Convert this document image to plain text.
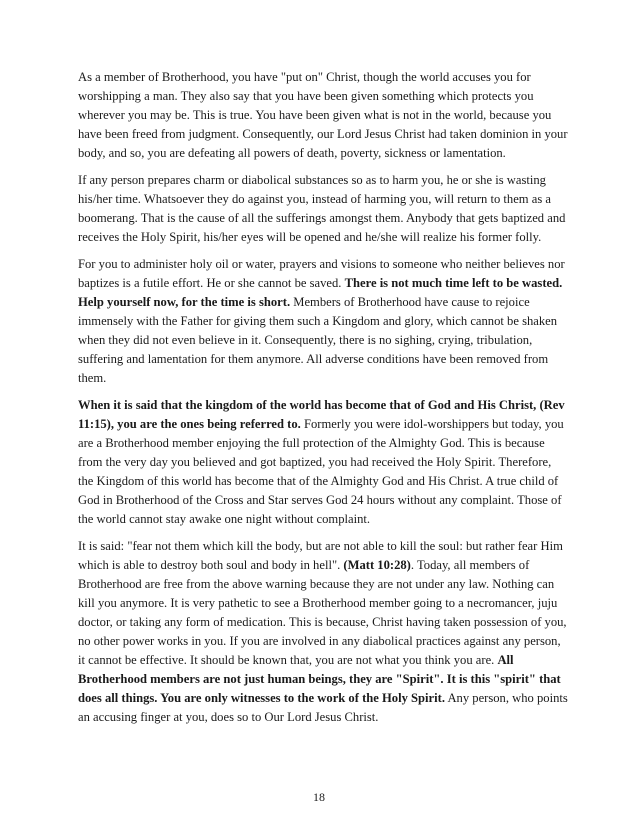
As a member of Brotherhood, you have "put on" Christ, though the world accuses you for worshipping a man. They also say that you have been given something which protects you wherever you may be. This is true. You have been given what is not in the world, because you have been freed from judgment. Consequently, our Lord Jesus Christ had taken dominion in your body, and so, you are defeating all powers of death, poverty, sickness or lamentation.

If any person prepares charm or diabolical substances so as to harm you, he or she is wasting his/her time. Whatsoever they do against you, instead of harming you, will return to them as a boomerang. That is the cause of all the sufferings amongst them. Anybody that gets baptized and receives the Holy Spirit, his/her eyes will be opened and he/she will realize his former folly.

For you to administer holy oil or water, prayers and visions to someone who neither believes nor baptizes is a futile effort. He or she cannot be saved. There is not much time left to be wasted. Help yourself now, for the time is short. Members of Brotherhood have cause to rejoice immensely with the Father for giving them such a Kingdom and glory, which cannot be shaken when they did not even believe in it. Consequently, there is no sighing, crying, tribulation, suffering and lamentation for them anymore. All adverse conditions have been removed from them.

When it is said that the kingdom of the world has become that of God and His Christ, (Rev 11:15), you are the ones being referred to. Formerly you were idol-worshippers but today, you are a Brotherhood member enjoying the full protection of the Almighty God. This is because from the very day you believed and got baptized, you had received the Holy Spirit. Therefore, the Kingdom of this world has become that of the Almighty God and His Christ. A true child of God in Brotherhood of the Cross and Star serves God 24 hours without any complaint. Those of the world cannot stay awake one night without complaint.

It is said: "fear not them which kill the body, but are not able to kill the soul: but rather fear Him which is able to destroy both soul and body in hell". (Matt 10:28). Today, all members of Brotherhood are free from the above warning because they are not under any law. Nothing can kill you anymore. It is very pathetic to see a Brotherhood member going to a necromancer, juju doctor, or taking any form of medication. This is because, Christ having taken possession of you, no other power works in you. If you are involved in any diabolical practices against any person, it cannot be effective. It should be known that, you are not what you think you are. All Brotherhood members are not just human beings, they are "Spirit". It is this "spirit" that does all things. You are only witnesses to the work of the Holy Spirit. Any person, who points an accusing finger at you, does so to Our Lord Jesus Christ.

18
